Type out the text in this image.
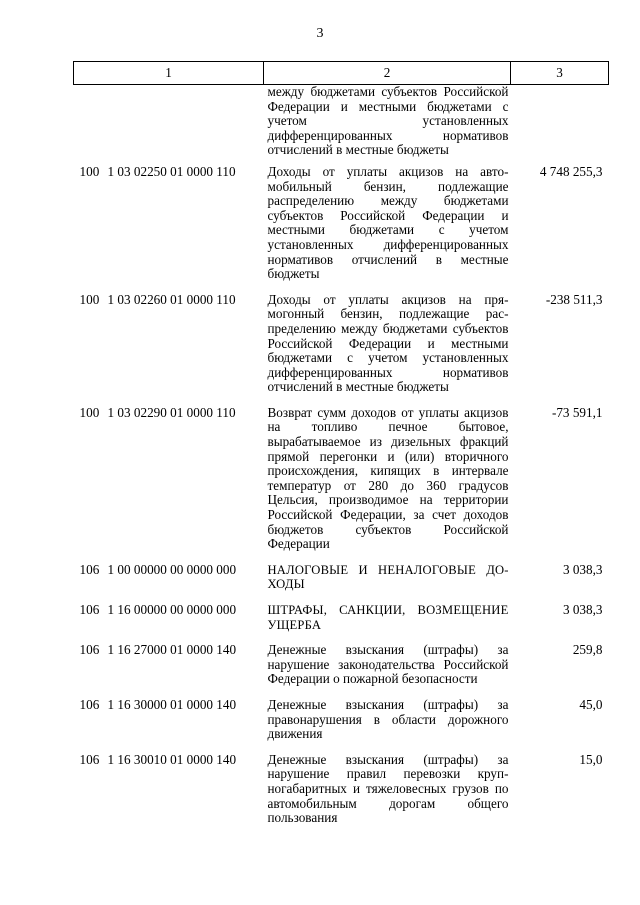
3
1	2	3
	между бюджетами субъектов Российской Федерации и местными бюджетами с учетом установленных дифференцированных нормативов отчислений в местные бюджеты	
100 1 03 02250 01 0000 110	Доходы от уплаты акцизов на автомобильный бензин, подлежащие распределению между бюджетами субъектов Российской Федерации и местными бюджетами с учетом установленных дифференцированных нормативов отчислений в местные бюджеты	4 748 255,3
100 1 03 02260 01 0000 110	Доходы от уплаты акцизов на прямогонный бензин, подлежащие распределению между бюджетами субъектов Российской Федерации и местными бюджетами с учетом установленных дифференцированных нормативов отчислений в местные бюджеты	-238 511,3
100 1 03 02290 01 0000 110	Возврат сумм доходов от уплаты акцизов на топливо печное бытовое, вырабатываемое из дизельных фракций прямой перегонки и (или) вторичного происхождения, кипящих в интервале температур от 280 до 360 градусов Цельсия, производимое на территории Российской Федерации, за счет доходов бюджетов субъектов Российской Федерации	-73 591,1
106 1 00 00000 00 0000 000	НАЛОГОВЫЕ И НЕНАЛОГОВЫЕ ДОХОДЫ	3 038,3
106 1 16 00000 00 0000 000	ШТРАФЫ, САНКЦИИ, ВОЗМЕЩЕНИЕ УЩЕРБА	3 038,3
106 1 16 27000 01 0000 140	Денежные взыскания (штрафы) за нарушение законодательства Российской Федерации о пожарной безопасности	259,8
106 1 16 30000 01 0000 140	Денежные взыскания (штрафы) за правонарушения в области дорожного движения	45,0
106 1 16 30010 01 0000 140	Денежные взыскания (штрафы) за нарушение правил перевозки крупногабаритных и тяжеловесных грузов по автомобильным дорогам общего пользования	15,0
